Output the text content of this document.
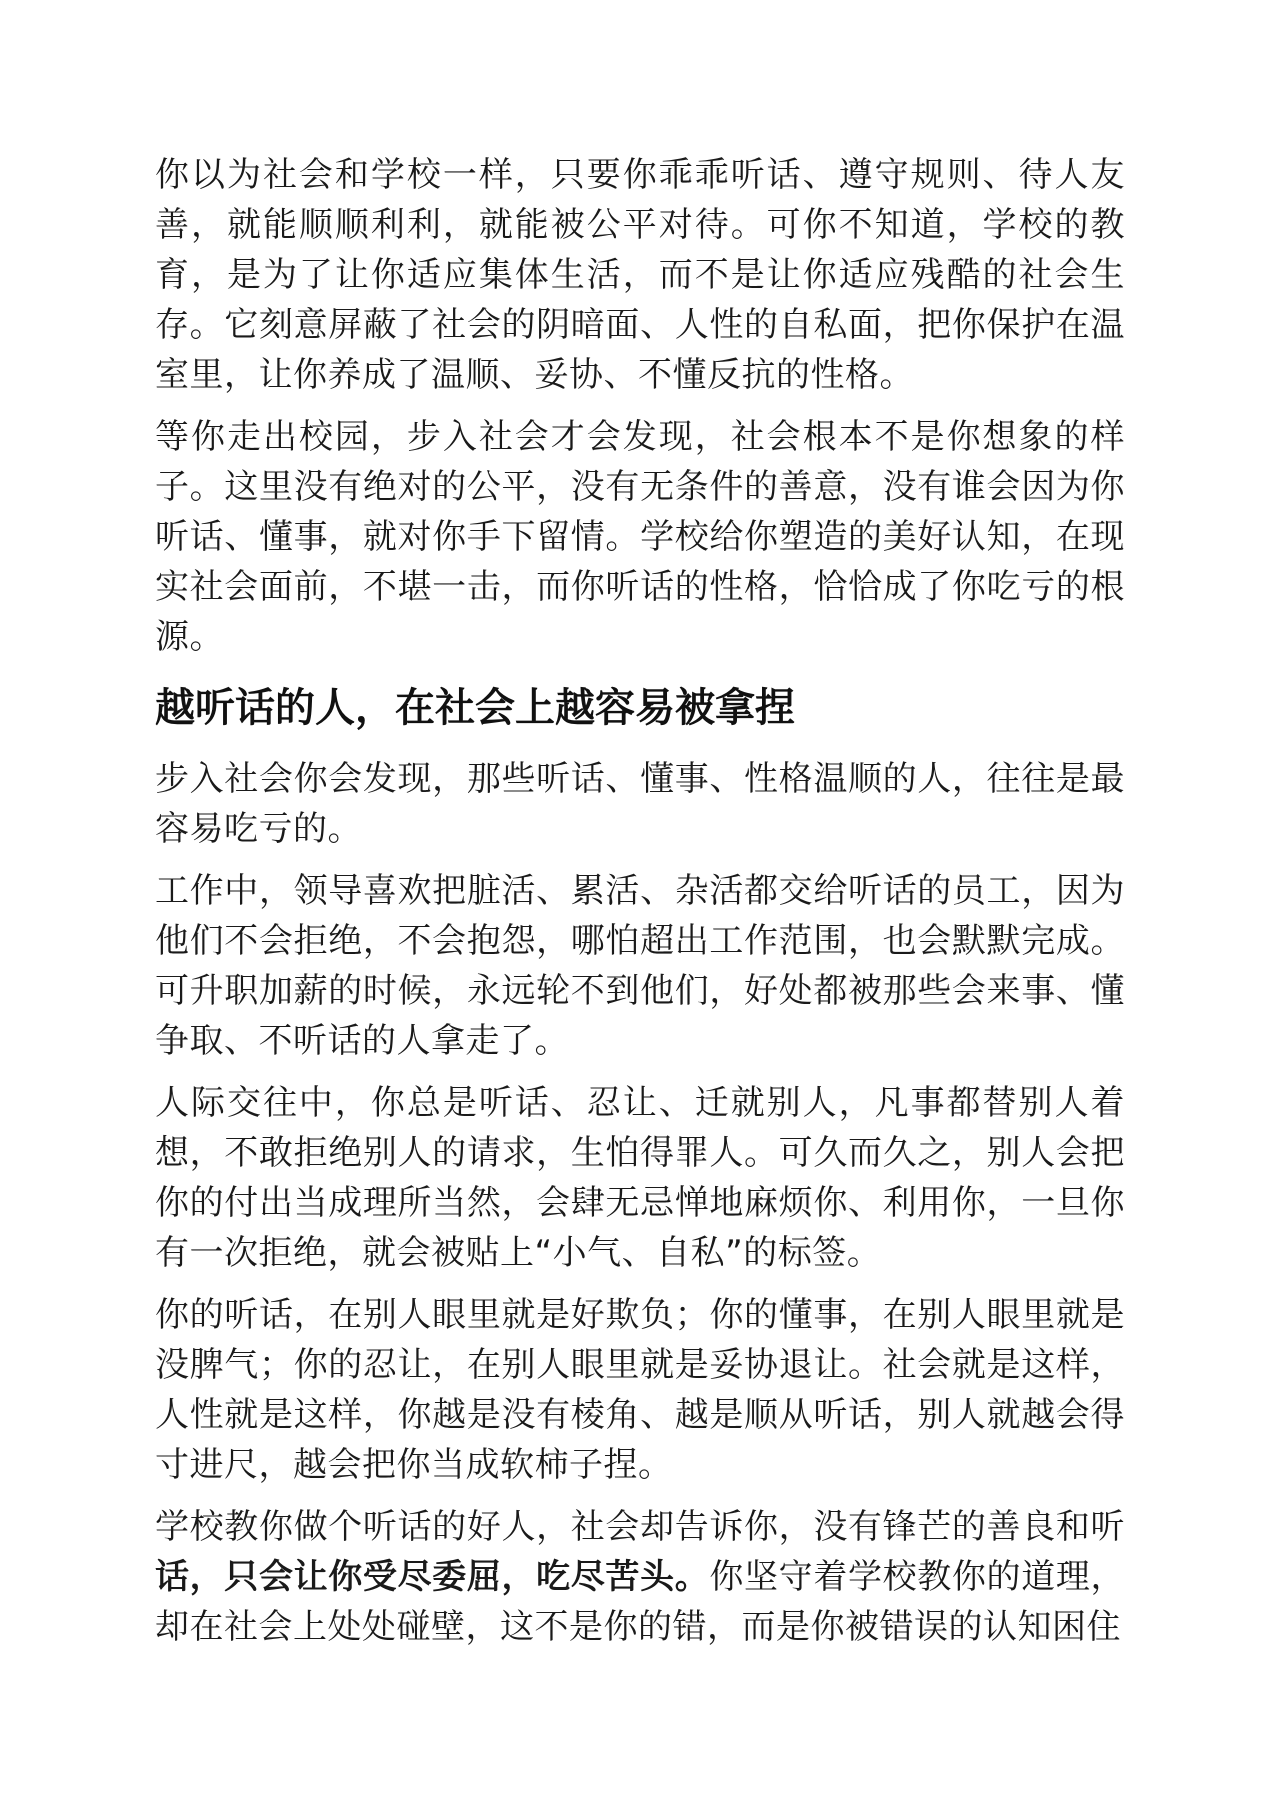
你以为社会和学校一样，只要你乖乖听话、遵守规则、待人友善，就能顺顺利利，就能被公平对待。可你不知道，学校的教育，是为了让你适应集体生活，而不是让你适应残酷的社会生存。它刻意屏蔽了社会的阴暗面、人性的自私面，把你保护在温室里，让你养成了温顺、妥协、不懂反抗的性格。

等你走出校园，步入社会才会发现，社会根本不是你想象的样子。这里没有绝对的公平，没有无条件的善意，没有谁会因为你听话、懂事，就对你手下留情。学校给你塑造的美好认知，在现实社会面前，不堪一击，而你听话的性格，恰恰成了你吃亏的根源。

越听话的人，在社会上越容易被拿捏

步入社会你会发现，那些听话、懂事、性格温顺的人，往往是最容易吃亏的。

工作中，领导喜欢把脏活、累活、杂活都交给听话的员工，因为他们不会拒绝，不会抱怨，哪怕超出工作范围，也会默默完成。可升职加薪的时候，永远轮不到他们，好处都被那些会来事、懂争取、不听话的人拿走了。

人际交往中，你总是听话、忍让、迁就别人，凡事都替别人着想，不敢拒绝别人的请求，生怕得罪人。可久而久之，别人会把你的付出当成理所当然，会肆无忌惮地麻烦你、利用你，一旦你有一次拒绝，就会被贴上“小气、自私”的标签。

你的听话，在别人眼里就是好欺负；你的懂事，在别人眼里就是没脾气；你的忍让，在别人眼里就是妥协退让。社会就是这样，人性就是这样，你越是没有棱角、越是顺从听话，别人就越会得寸进尺，越会把你当成软柿子捏。

学校教你做个听话的好人，社会却告诉你，没有锋芒的善良和听话，只会让你受尽委屈，吃尽苦头。你坚守着学校教你的道理，却在社会上处处碰壁，这不是你的错，而是你被错误的认知困住
